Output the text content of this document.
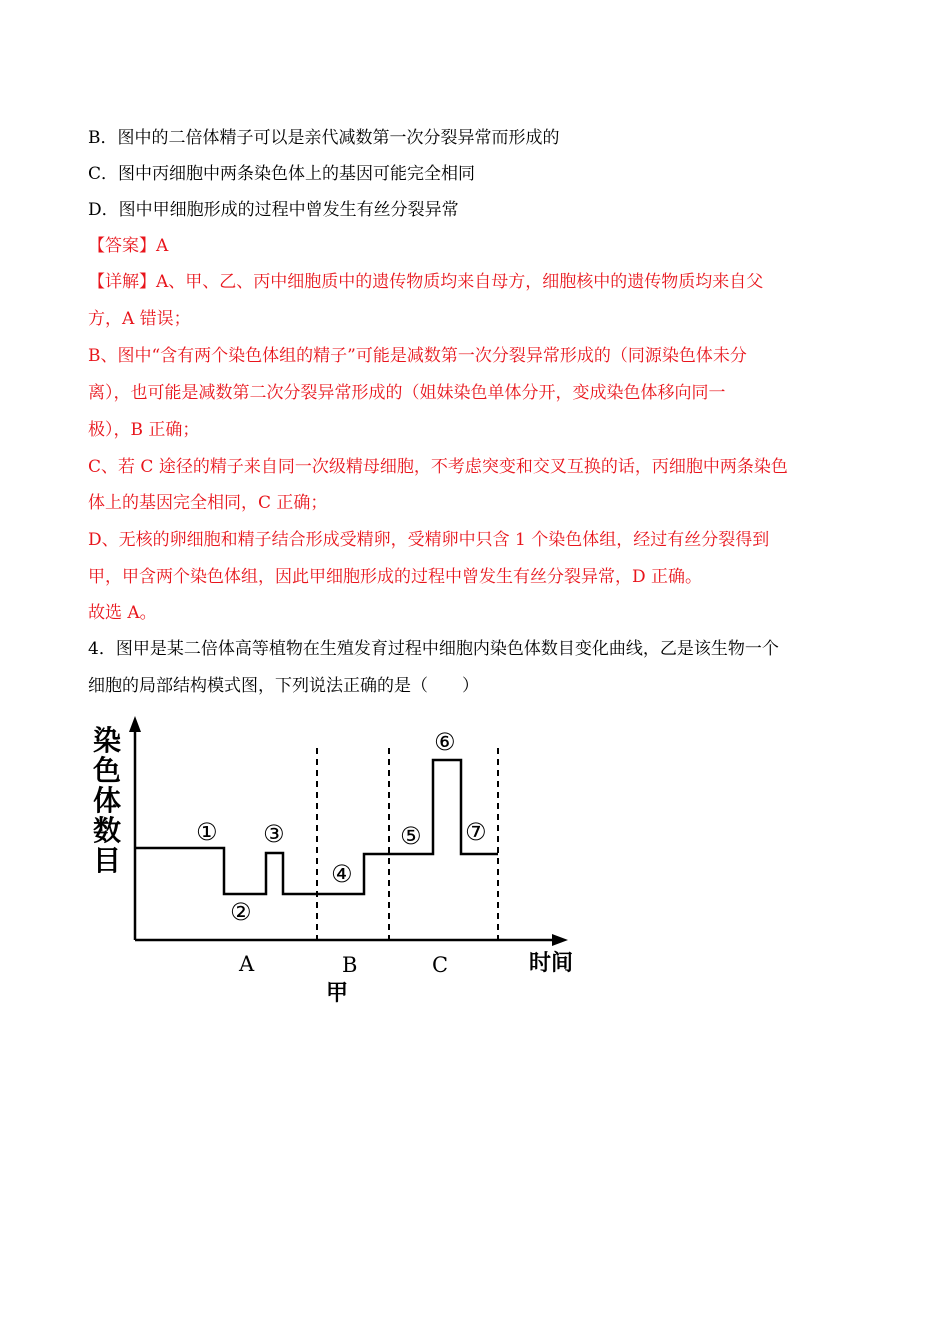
B．图中的二倍体精子可以是亲代减数第一次分裂异常而形成的
C．图中丙细胞中两条染色体上的基因可能完全相同
D．图中甲细胞形成的过程中曾发生有丝分裂异常
【答案】A
【详解】A、甲、乙、丙中细胞质中的遗传物质均来自母方，细胞核中的遗传物质均来自父
方，A 错误；
B、图中“含有两个染色体组的精子”可能是减数第一次分裂异常形成的（同源染色体未分
离），也可能是减数第二次分裂异常形成的（姐妹染色单体分开，变成染色体移向同一
极），B 正确；
C、若 C 途径的精子来自同一次级精母细胞，不考虑突变和交叉互换的话，丙细胞中两条染色
体上的基因完全相同，C 正确；
D、无核的卵细胞和精子结合形成受精卵，受精卵中只含 1 个染色体组，经过有丝分裂得到
甲，甲含两个染色体组，因此甲细胞形成的过程中曾发生有丝分裂异常，D 正确。
故选 A。
4．图甲是某二倍体高等植物在生殖发育过程中细胞内染色体数目变化曲线，乙是该生物一个
细胞的局部结构模式图，下列说法正确的是（　　）
染
色
体
数
目
①
②
③
④
⑤
⑥
⑦
A	B	C	时间
甲
